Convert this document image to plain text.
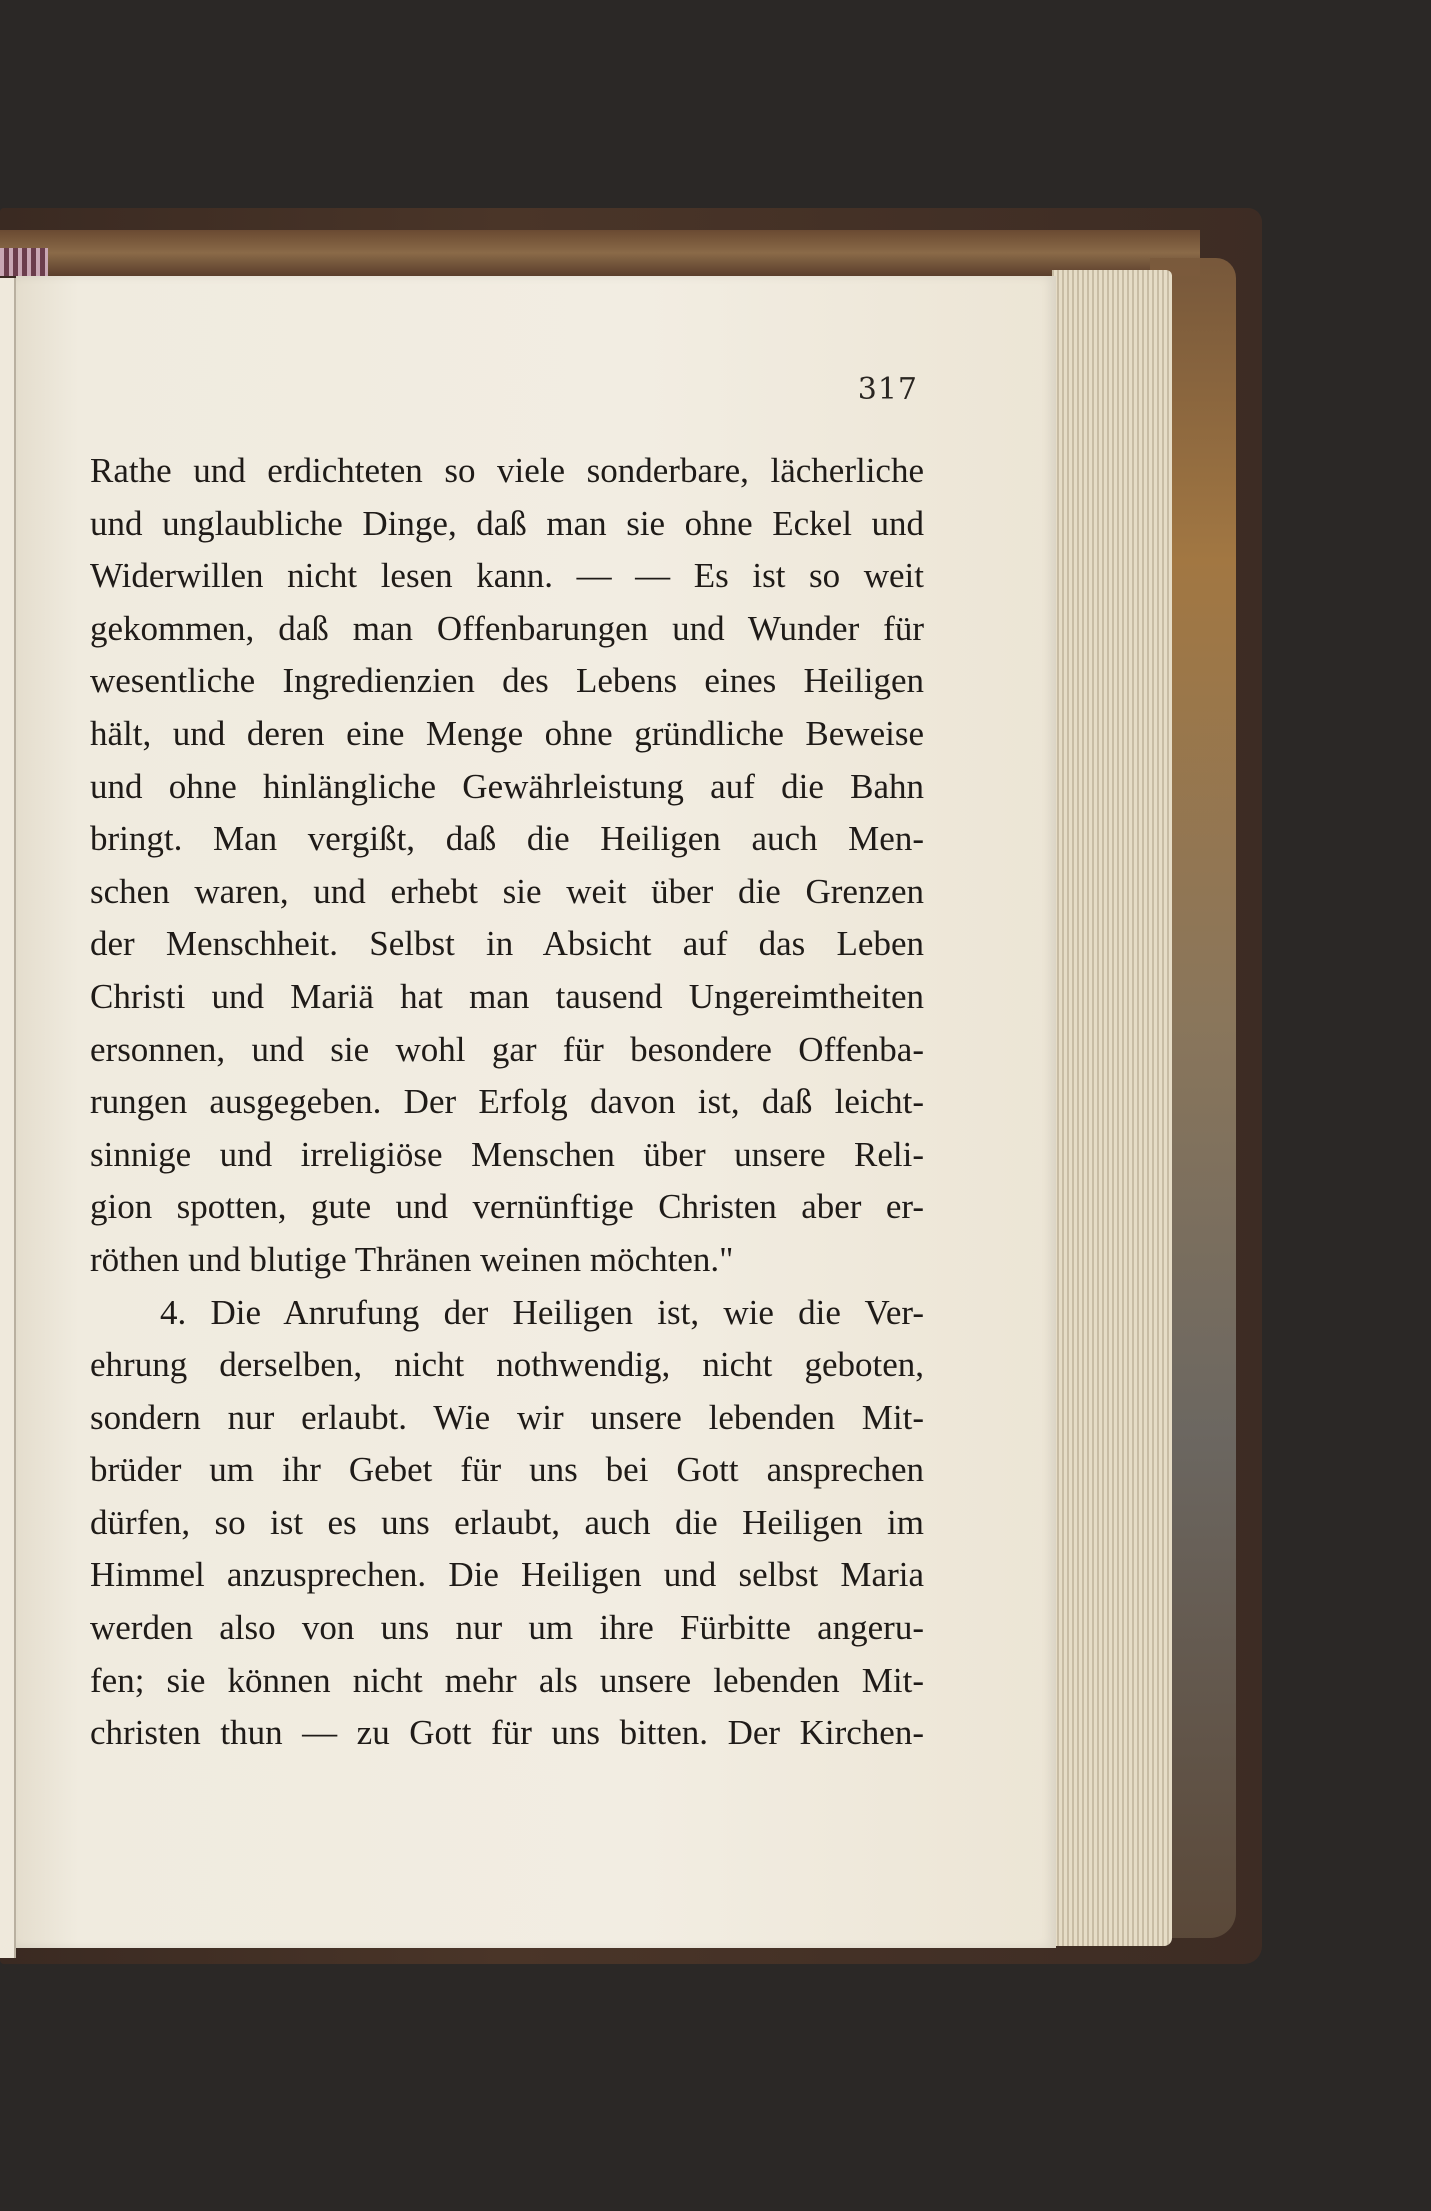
317
Rathe und erdichteten so viele sonderbare, lächerliche
und unglaubliche Dinge, daß man sie ohne Eckel und
Widerwillen nicht lesen kann. — — Es ist so weit
gekommen, daß man Offenbarungen und Wunder für
wesentliche Ingredienzien des Lebens eines Heiligen
hält, und deren eine Menge ohne gründliche Beweise
und ohne hinlängliche Gewährleistung auf die Bahn
bringt. Man vergißt, daß die Heiligen auch Men-
schen waren, und erhebt sie weit über die Grenzen
der Menschheit. Selbst in Absicht auf das Leben
Christi und Mariä hat man tausend Ungereimtheiten
ersonnen, und sie wohl gar für besondere Offenba-
rungen ausgegeben. Der Erfolg davon ist, daß leicht-
sinnige und irreligiöse Menschen über unsere Reli-
gion spotten, gute und vernünftige Christen aber er-
röthen und blutige Thränen weinen möchten."
4. Die Anrufung der Heiligen ist, wie die Ver-
ehrung derselben, nicht nothwendig, nicht geboten,
sondern nur erlaubt. Wie wir unsere lebenden Mit-
brüder um ihr Gebet für uns bei Gott ansprechen
dürfen, so ist es uns erlaubt, auch die Heiligen im
Himmel anzusprechen. Die Heiligen und selbst Maria
werden also von uns nur um ihre Fürbitte angeru-
fen; sie können nicht mehr als unsere lebenden Mit-
christen thun — zu Gott für uns bitten. Der Kirchen-
